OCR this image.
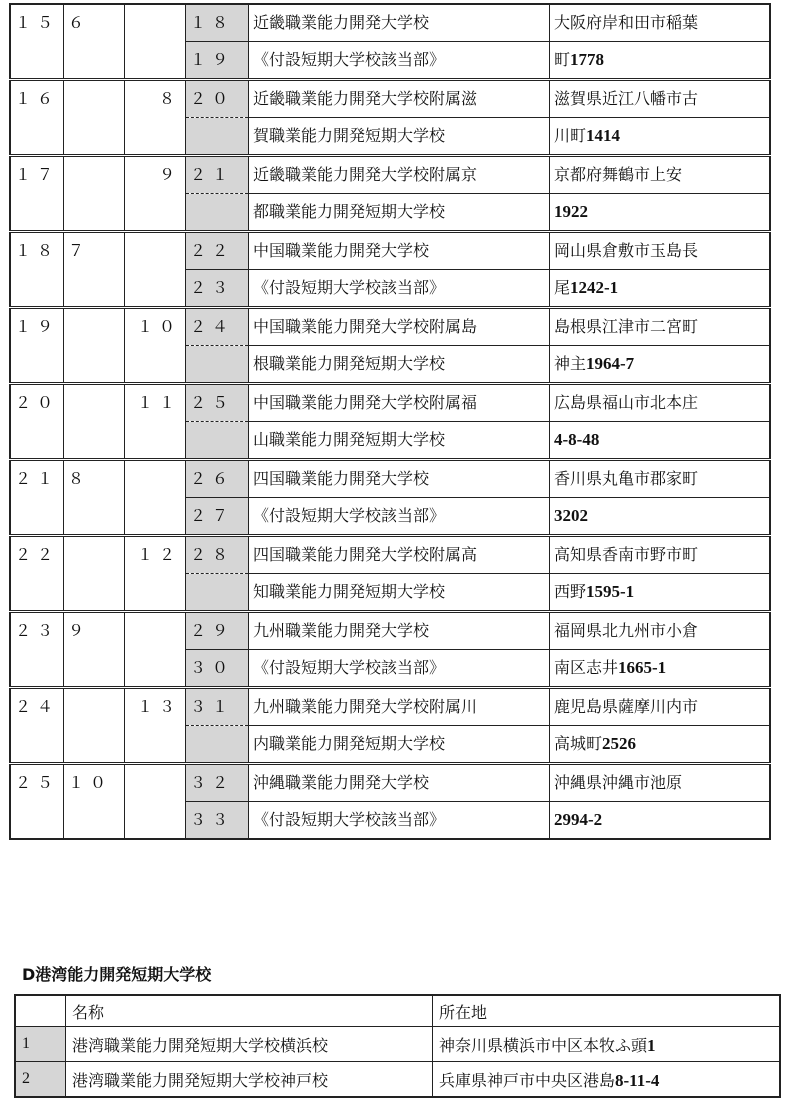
１５	６		１８	近畿職業能力開発大学校	大阪府岸和田市稲葉
			１９	《付設短期大学校該当部》	町1778
１６		８	２０	近畿職業能力開発大学校附属滋	滋賀県近江八幡市古
				賀職業能力開発短期大学校	川町1414
１７		９	２１	近畿職業能力開発大学校附属京	京都府舞鶴市上安
				都職業能力開発短期大学校	1922
１８	７		２２	中国職業能力開発大学校	岡山県倉敷市玉島長
			２３	《付設短期大学校該当部》	尾1242-1
１９		１０	２４	中国職業能力開発大学校附属島	島根県江津市二宮町
				根職業能力開発短期大学校	神主1964-7
２０		１１	２５	中国職業能力開発大学校附属福	広島県福山市北本庄
				山職業能力開発短期大学校	4-8-48
２１	８		２６	四国職業能力開発大学校	香川県丸亀市郡家町
			２７	《付設短期大学校該当部》	3202
２２		１２	２８	四国職業能力開発大学校附属高	高知県香南市野市町
				知職業能力開発短期大学校	西野1595-1
２３	９		２９	九州職業能力開発大学校	福岡県北九州市小倉
			３０	《付設短期大学校該当部》	南区志井1665-1
２４		１３	３１	九州職業能力開発大学校附属川	鹿児島県薩摩川内市
				内職業能力開発短期大学校	高城町2526
２５	１０		３２	沖縄職業能力開発大学校	沖縄県沖縄市池原
			３３	《付設短期大学校該当部》	2994-2
D港湾能力開発短期大学校
	名称	所在地
1	港湾職業能力開発短期大学校横浜校	神奈川県横浜市中区本牧ふ頭1
2	港湾職業能力開発短期大学校神戸校	兵庫県神戸市中央区港島8-11-4
